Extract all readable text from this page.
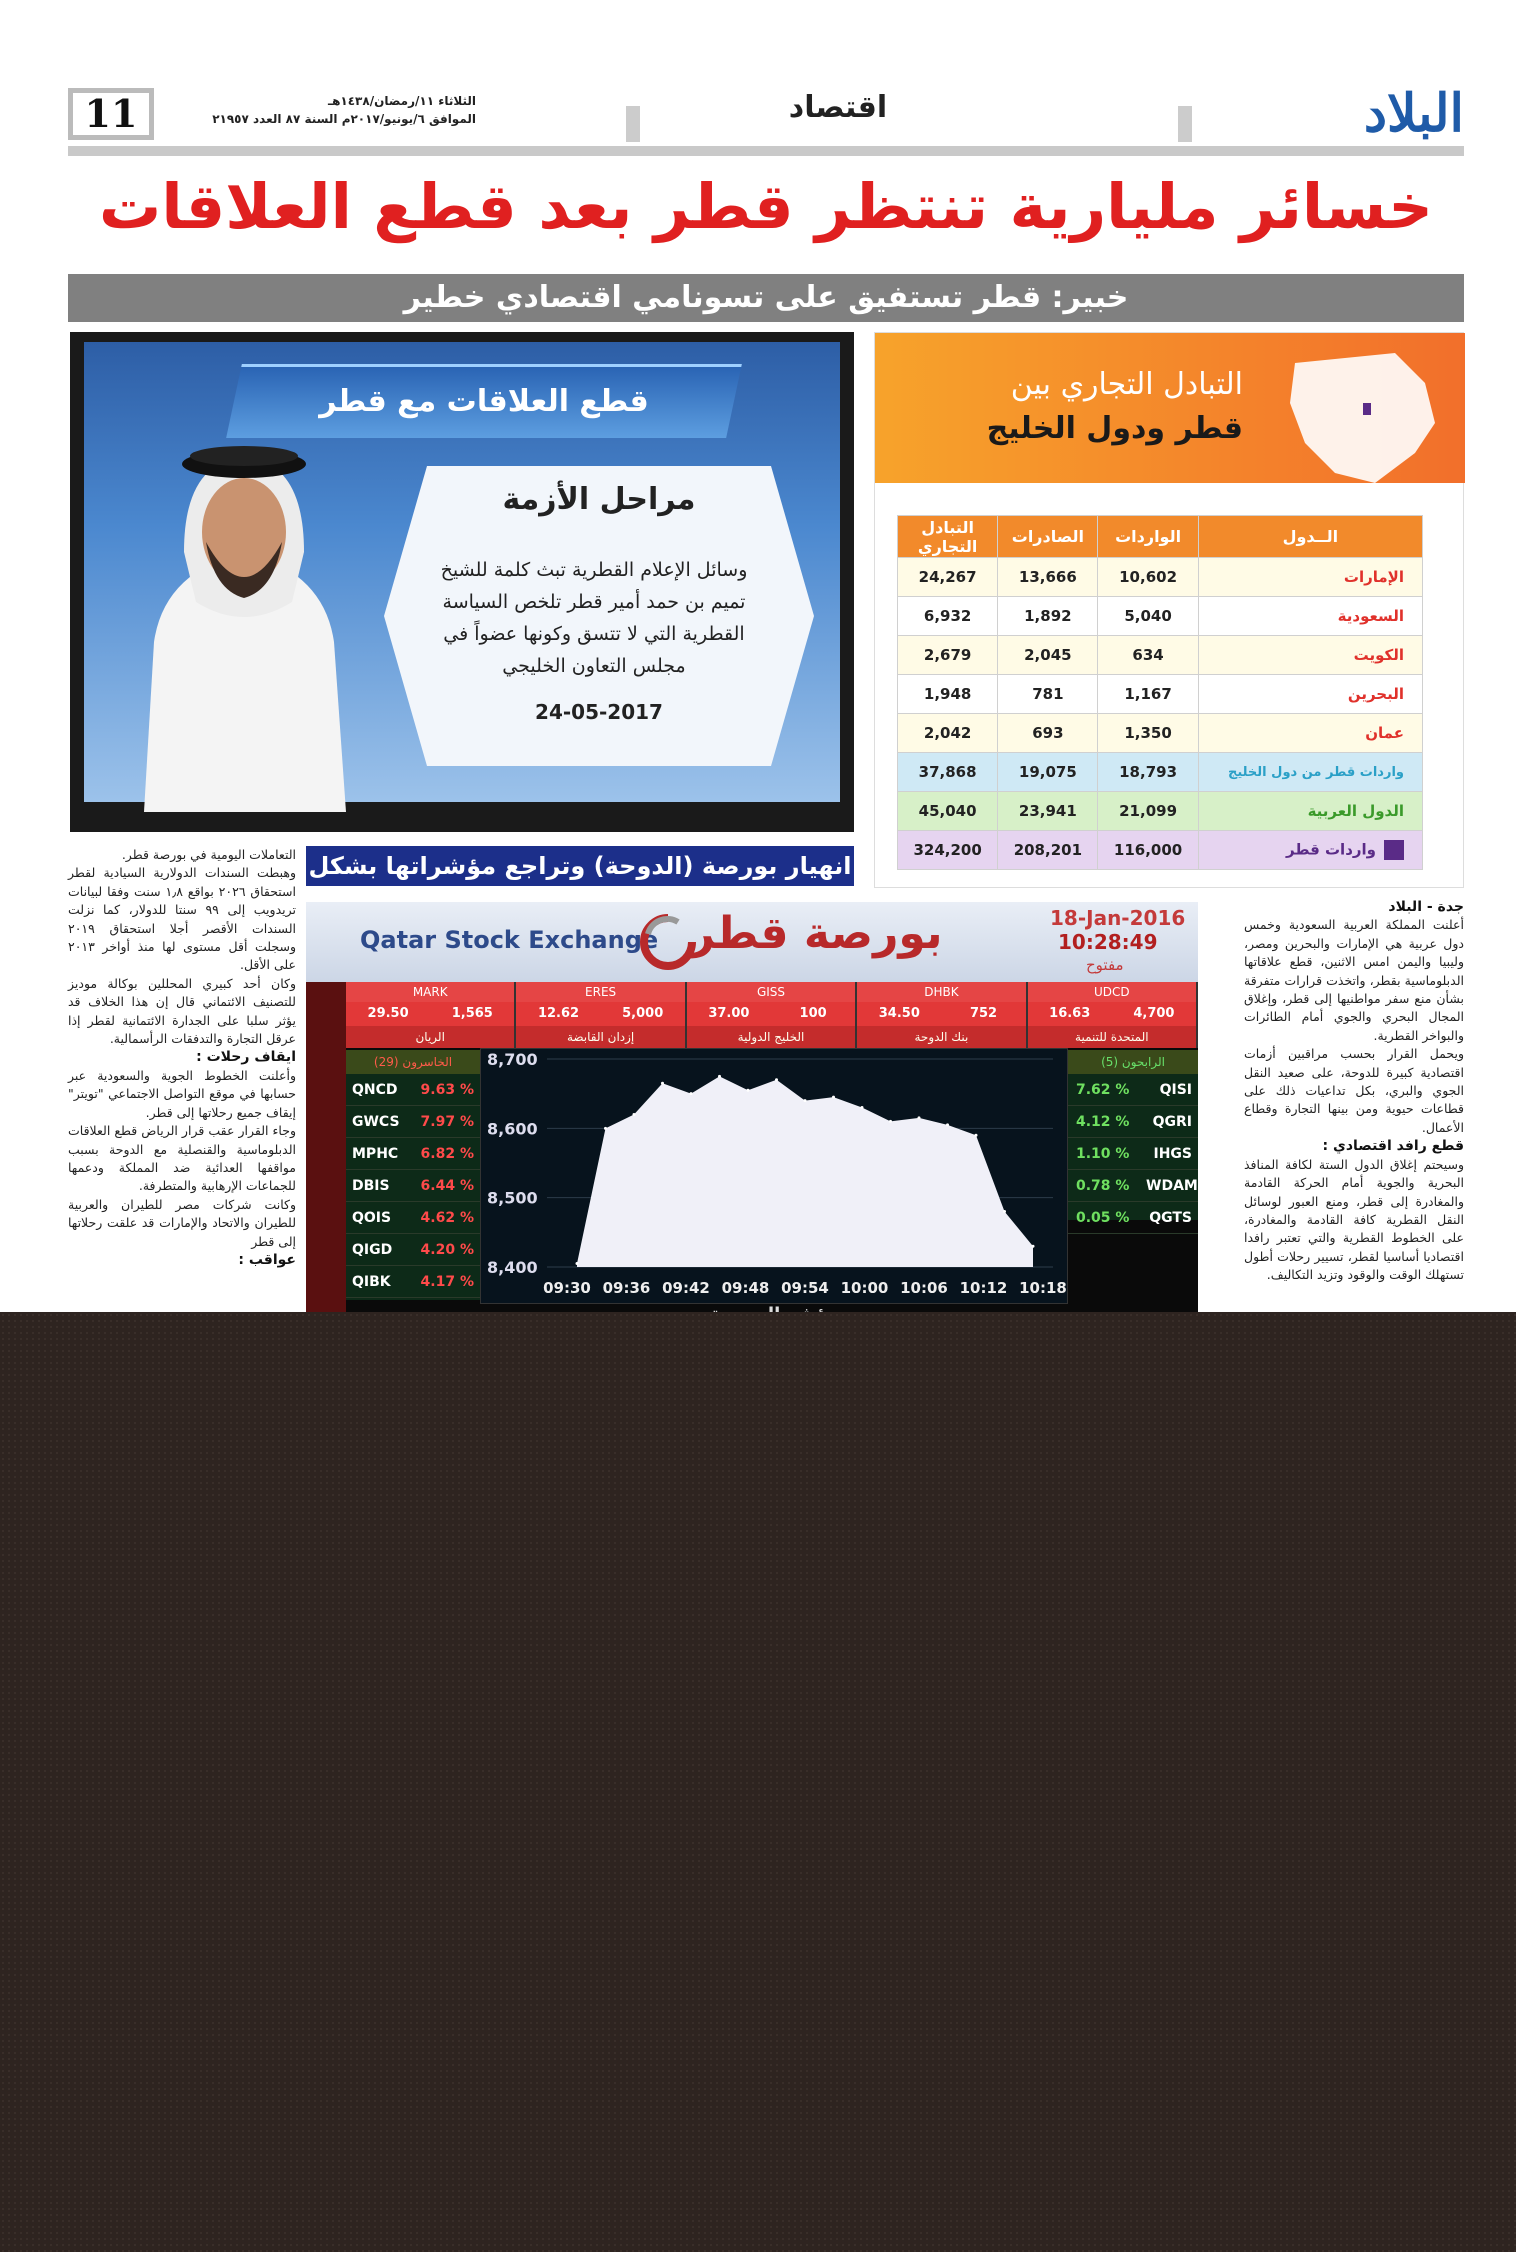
البلاد
اقتصاد
الثلاثاء ١١/رمضان/١٤٣٨هـ
الموافق ٦/يونيو/٢٠١٧م السنة ٨٧ العدد ٢١٩٥٧
11
خسائر مليارية تنتظر قطر بعد قطع العلاقات
خبير: قطر تستفيق على تسونامي اقتصادي خطير
قطع العلاقات مع قطر
مراحل الأزمة
وسائل الإعلام القطرية تبث كلمة للشيخ تميم بن حمد أمير قطر تلخص السياسة القطرية التي لا تتسق وكونها عضواً في مجلس التعاون الخليجي
24-05-2017
التبادل التجاري بين
قطر ودول الخليج
الــدول	الواردات	الصادرات	التبادل التجاري
الإمارات	10,602	13,666	24,267
السعودية	5,040	1,892	6,932
الكويت	634	2,045	2,679
البحرين	1,167	781	1,948
عمان	1,350	693	2,042
واردات قطر من دول الخليج	18,793	19,075	37,868
الدول العربية	21,099	23,941	45,040
واردات قطر	116,000	208,201	324,200
انهيار بورصة (الدوحة) وتراجع مؤشراتها بشكل
Qatar Stock Exchange بورصة قطر	18-Jan-2016
10:28:49
مفتوح
MARK
29.50	1,565
الريان
ERES
12.62	5,000
إزدان القابضة
GISS
37.00	100
الخليج الدولية
DHBK
34.50	752
بنك الدوحة
UDCD
16.63	4,700
المتحدة للتنمية
الخاسرون (29)
QNCD	9.63 %
GWCS	7.97 %
MPHC	6.82 %
DBIS	6.44 %
QOIS	4.62 %
QIGD	4.20 %
QIBK	4.17 %
8,400
8,500
8,600
8,700
09:30 09:36 09:42 09:48 09:54 10:00 10:06 10:12 10:18
الرابحون (5)
7.62 %	QISI
4.12 %	QGRI
1.10 %	IHGS
0.78 %	WDAM
0.05 %	QGTS

التعاملات اليومية في بورصة قطر.

وهبطت السندات الدولارية السيادية لقطر استحقاق ٢٠٢٦ بواقع ١٫٨ سنت وفقا لبيانات تريدويب إلى ٩٩ سنتا للدولار، كما نزلت السندات الأقصر أجلا استحقاق ٢٠١٩ وسجلت أقل مستوى لها منذ أواخر ٢٠١٣ على الأقل.

وكان أحد كبيري المحللين بوكالة موديز للتصنيف الائتماني قال إن هذا الخلاف قد يؤثر سلبا على الجدارة الائتمانية لقطر إذا عرقل التجارة والتدفقات الرأسمالية.

ايقاف رحلات :

وأعلنت الخطوط الجوية والسعودية عبر حسابها في موقع التواصل الاجتماعي "تويتر" إيقاف جميع رحلاتها إلى قطر.

وجاء القرار عقب قرار الرياض قطع العلاقات الدبلوماسية والقنصلية مع الدوحة بسبب مواقفها العدائية ضد المملكة ودعمها للجماعات الإرهابية والمتطرفة.

وكانت شركات مصر للطيران والعربية للطيران والاتحاد والإمارات قد علقت رحلاتها إلى قطر

عواقب :

جدة - البلاد

أعلنت المملكة العربية السعودية وخمس دول عربية هي الإمارات والبحرين ومصر، وليبيا واليمن امس الاثنين، قطع علاقاتها الدبلوماسية بقطر، واتخذت قرارات متفرقة بشأن منع سفر مواطنيها إلى قطر، وإغلاق المجال البحري والجوي أمام الطائرات والبواخر القطرية.

ويحمل القرار بحسب مراقبين أزمات اقتصادية كبيرة للدوحة، على صعيد النقل الجوي والبري، بكل تداعيات ذلك على قطاعات حيوية ومن بينها التجارة وقطاع الأعمال.

قطع رافد اقتصادي :

وسيحتم إغلاق الدول الستة لكافة المنافذ البحرية والجوية أمام الحركة القادمة والمغادرة إلى قطر، ومنع العبور لوسائل النقل القطرية كافة القادمة والمغادرة، على الخطوط القطرية والتي تعتبر رافدا اقتصاديا أساسيا لقطر، تسيير رحلات أطول تستهلك الوقت والوقود وتزيد التكاليف.
